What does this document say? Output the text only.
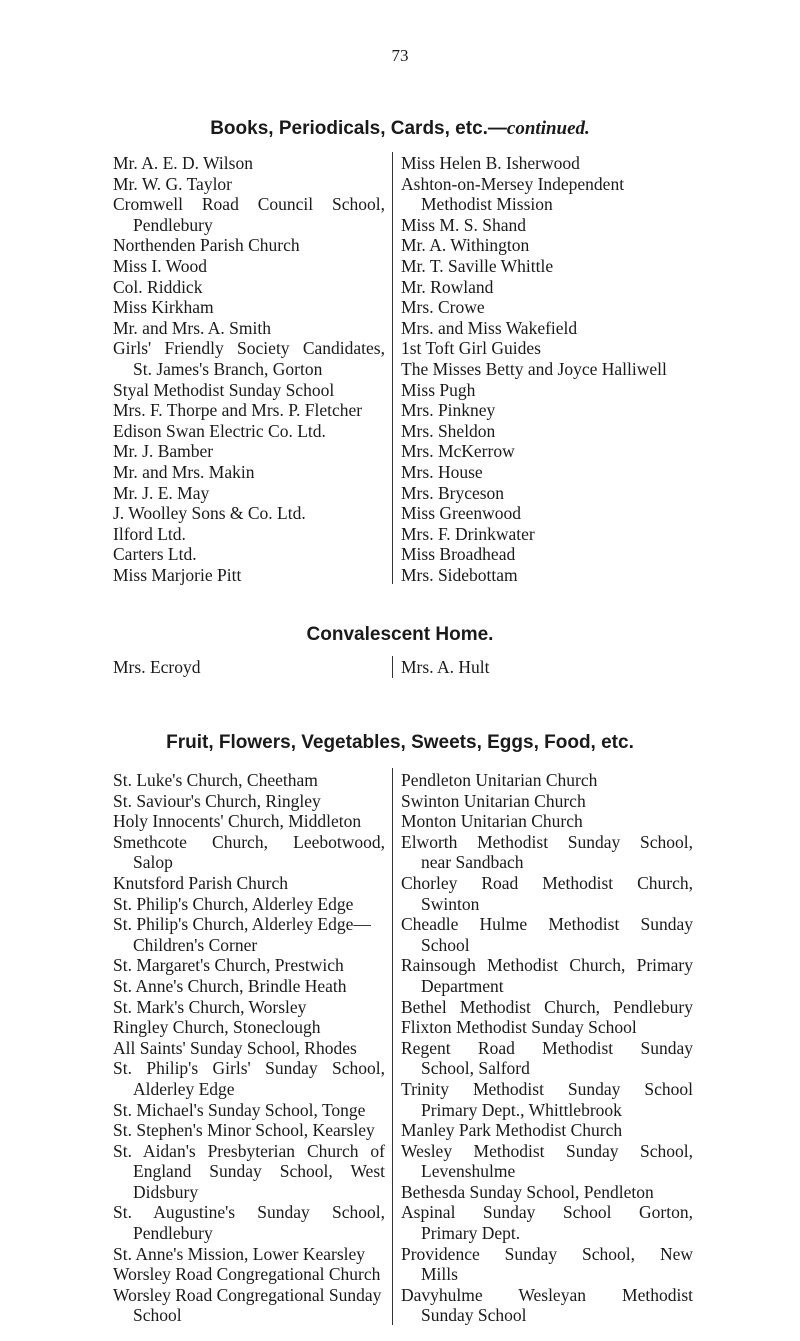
73
Books, Periodicals, Cards, etc.—continued.
Mr. A. E. D. Wilson
Mr. W. G. Taylor
Cromwell Road Council School,
Pendlebury
Northenden Parish Church
Miss I. Wood
Col. Riddick
Miss Kirkham
Mr. and Mrs. A. Smith
Girls' Friendly Society Candidates,
St. James's Branch, Gorton
Styal Methodist Sunday School
Mrs. F. Thorpe and Mrs. P. Fletcher
Edison Swan Electric Co. Ltd.
Mr. J. Bamber
Mr. and Mrs. Makin
Mr. J. E. May
J. Woolley Sons & Co. Ltd.
Ilford Ltd.
Carters Ltd.
Miss Marjorie Pitt
Miss Helen B. Isherwood
Ashton-on-Mersey Independent
Methodist Mission
Miss M. S. Shand
Mr. A. Withington
Mr. T. Saville Whittle
Mr. Rowland
Mrs. Crowe
Mrs. and Miss Wakefield
1st Toft Girl Guides
The Misses Betty and Joyce Halliwell
Miss Pugh
Mrs. Pinkney
Mrs. Sheldon
Mrs. McKerrow
Mrs. House
Mrs. Bryceson
Miss Greenwood
Mrs. F. Drinkwater
Miss Broadhead
Mrs. Sidebottam
Convalescent Home.
Mrs. Ecroyd	Mrs. A. Hult
Fruit, Flowers, Vegetables, Sweets, Eggs, Food, etc.
St. Luke's Church, Cheetham
St. Saviour's Church, Ringley
Holy Innocents' Church, Middleton
Smethcote Church, Leebotwood,
Salop
Knutsford Parish Church
St. Philip's Church, Alderley Edge
St. Philip's Church, Alderley Edge—
Children's Corner
St. Margaret's Church, Prestwich
St. Anne's Church, Brindle Heath
St. Mark's Church, Worsley
Ringley Church, Stoneclough
All Saints' Sunday School, Rhodes
St. Philip's Girls' Sunday School,
Alderley Edge
St. Michael's Sunday School, Tonge
St. Stephen's Minor School, Kearsley
St. Aidan's Presbyterian Church of
England Sunday School, West
Didsbury
St. Augustine's Sunday School,
Pendlebury
St. Anne's Mission, Lower Kearsley
Worsley Road Congregational Church
Worsley Road Congregational Sunday
School
Pendleton Unitarian Church
Swinton Unitarian Church
Monton Unitarian Church
Elworth Methodist Sunday School,
near Sandbach
Chorley Road Methodist Church,
Swinton
Cheadle Hulme Methodist Sunday
School
Rainsough Methodist Church, Primary
Department
Bethel Methodist Church, Pendlebury
Flixton Methodist Sunday School
Regent Road Methodist Sunday
School, Salford
Trinity Methodist Sunday School
Primary Dept., Whittlebrook
Manley Park Methodist Church
Wesley Methodist Sunday School,
Levenshulme
Bethesda Sunday School, Pendleton
Aspinal Sunday School Gorton,
Primary Dept.
Providence Sunday School, New
Mills
Davyhulme Wesleyan Methodist
Sunday School
